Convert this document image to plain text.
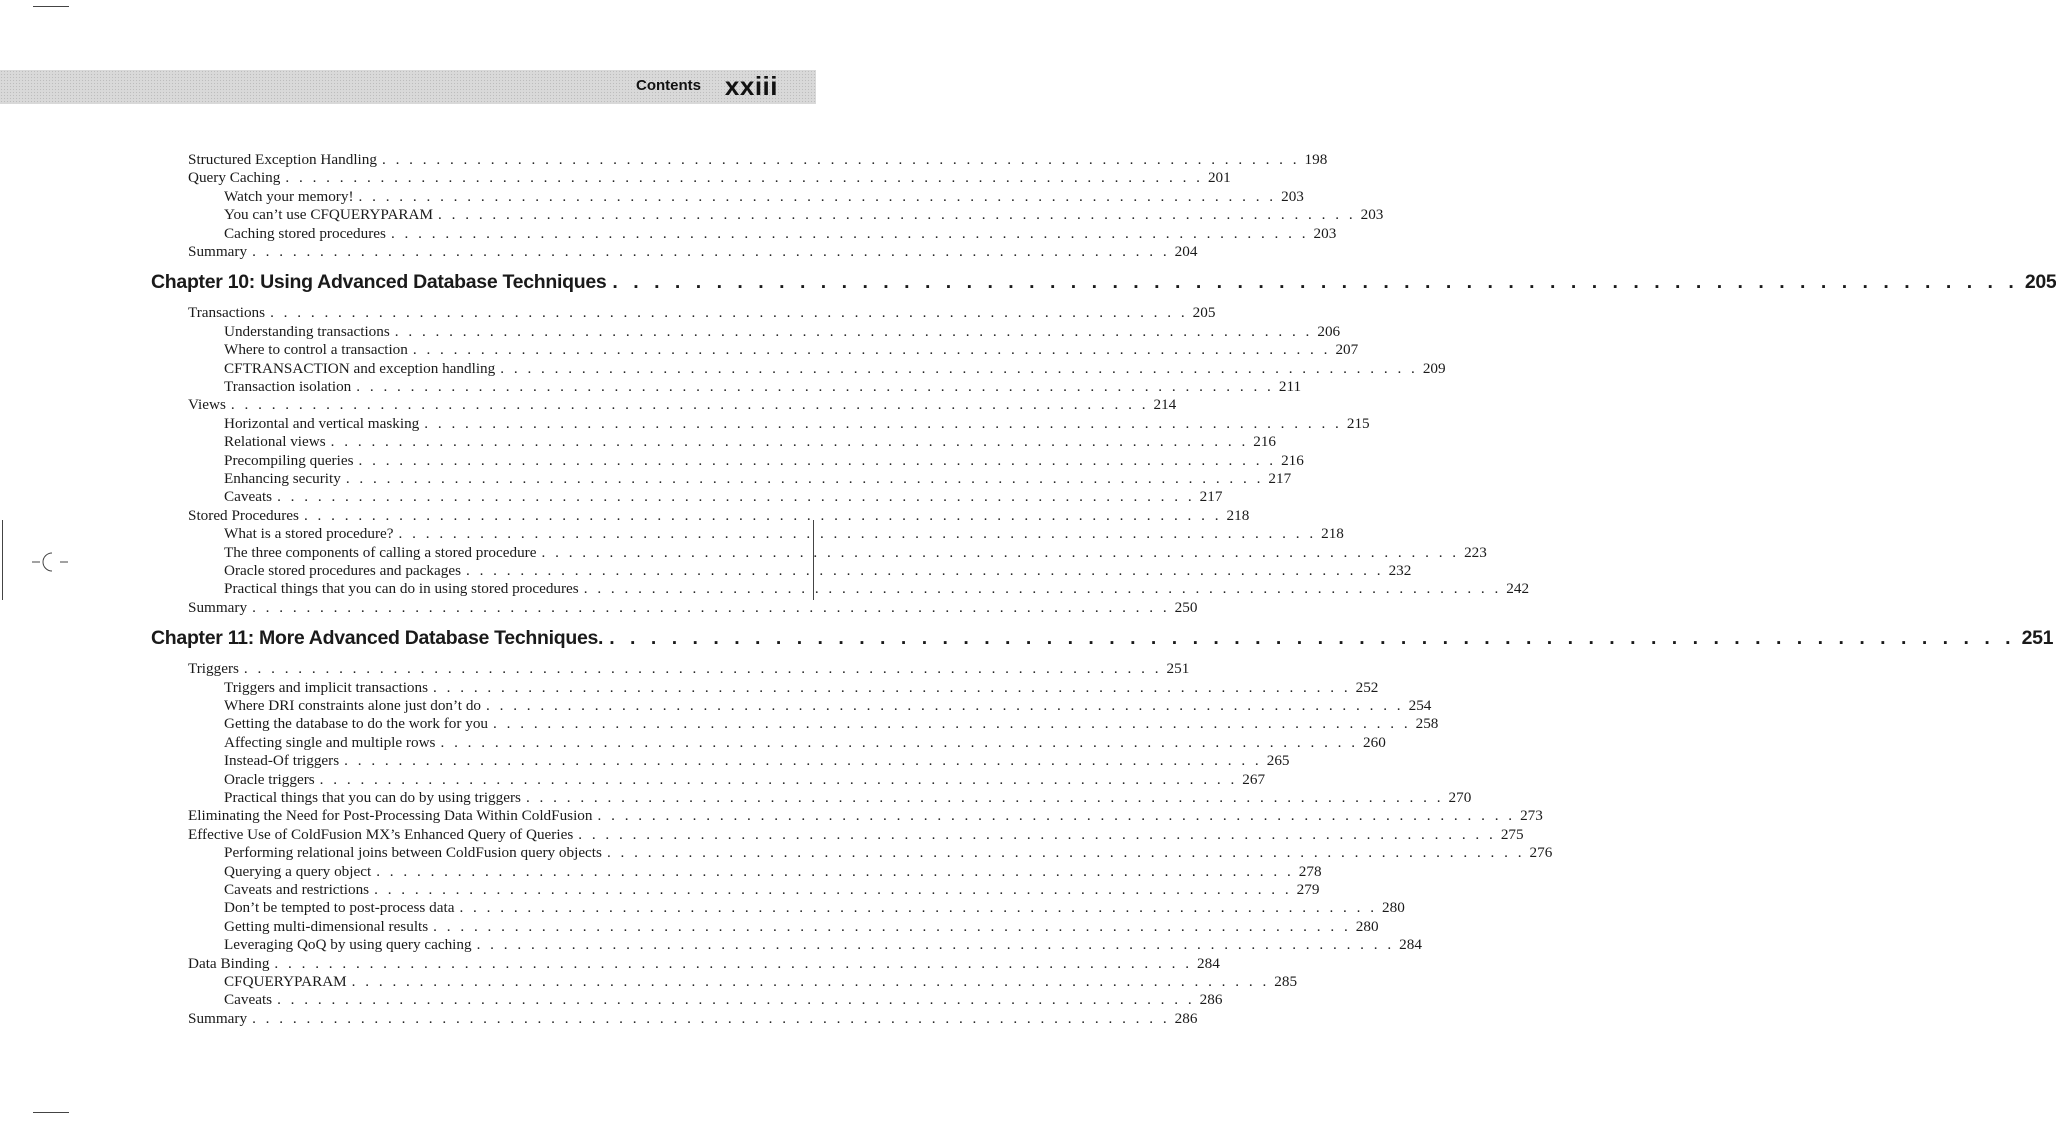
Contents xxiii
Structured Exception Handling . . . . . . . . . . . . . . . . . . . . . . . . . . . . . . . . . . . . . . . . . . . . . . . . . . . . . . . . . . . . . . . . . . . . 198
Query Caching . . . . . . . . . . . . . . . . . . . . . . . . . . . . . . . . . . . . . . . . . . . . . . . . . . . . . . . . . . . . . . . . . . . . 201
Watch your memory! . . . . . . . . . . . . . . . . . . . . . . . . . . . . . . . . . . . . . . . . . . . . . . . . . . . . . . . . . . . . . . . . . . . . 203
You can’t use CFQUERYPARAM . . . . . . . . . . . . . . . . . . . . . . . . . . . . . . . . . . . . . . . . . . . . . . . . . . . . . . . . . . . . . . . . . . . . 203
Caching stored procedures . . . . . . . . . . . . . . . . . . . . . . . . . . . . . . . . . . . . . . . . . . . . . . . . . . . . . . . . . . . . . . . . . . . . 203
Summary . . . . . . . . . . . . . . . . . . . . . . . . . . . . . . . . . . . . . . . . . . . . . . . . . . . . . . . . . . . . . . . . . . . . 204
Chapter 10: Using Advanced Database Techniques . . . . . . . . . . . . . . . . . . . . . . . . . . . . . . . . . . . . . . . . . . . . . . . . . . . . . . . . . . . . . . . . . . . . 205
Transactions . . . . . . . . . . . . . . . . . . . . . . . . . . . . . . . . . . . . . . . . . . . . . . . . . . . . . . . . . . . . . . . . . . . . 205
Understanding transactions . . . . . . . . . . . . . . . . . . . . . . . . . . . . . . . . . . . . . . . . . . . . . . . . . . . . . . . . . . . . . . . . . . . . 206
Where to control a transaction . . . . . . . . . . . . . . . . . . . . . . . . . . . . . . . . . . . . . . . . . . . . . . . . . . . . . . . . . . . . . . . . . . . . 207
CFTRANSACTION and exception handling . . . . . . . . . . . . . . . . . . . . . . . . . . . . . . . . . . . . . . . . . . . . . . . . . . . . . . . . . . . . . . . . . . . . 209
Transaction isolation . . . . . . . . . . . . . . . . . . . . . . . . . . . . . . . . . . . . . . . . . . . . . . . . . . . . . . . . . . . . . . . . . . . . 211
Views . . . . . . . . . . . . . . . . . . . . . . . . . . . . . . . . . . . . . . . . . . . . . . . . . . . . . . . . . . . . . . . . . . . . 214
Horizontal and vertical masking . . . . . . . . . . . . . . . . . . . . . . . . . . . . . . . . . . . . . . . . . . . . . . . . . . . . . . . . . . . . . . . . . . . . 215
Relational views . . . . . . . . . . . . . . . . . . . . . . . . . . . . . . . . . . . . . . . . . . . . . . . . . . . . . . . . . . . . . . . . . . . . 216
Precompiling queries . . . . . . . . . . . . . . . . . . . . . . . . . . . . . . . . . . . . . . . . . . . . . . . . . . . . . . . . . . . . . . . . . . . . 216
Enhancing security . . . . . . . . . . . . . . . . . . . . . . . . . . . . . . . . . . . . . . . . . . . . . . . . . . . . . . . . . . . . . . . . . . . . 217
Caveats . . . . . . . . . . . . . . . . . . . . . . . . . . . . . . . . . . . . . . . . . . . . . . . . . . . . . . . . . . . . . . . . . . . . 217
Stored Procedures . . . . . . . . . . . . . . . . . . . . . . . . . . . . . . . . . . . . . . . . . . . . . . . . . . . . . . . . . . . . . . . . . . . . 218
What is a stored procedure? . . . . . . . . . . . . . . . . . . . . . . . . . . . . . . . . . . . . . . . . . . . . . . . . . . . . . . . . . . . . . . . . . . . . 218
The three components of calling a stored procedure . . . . . . . . . . . . . . . . . . . . . . . . . . . . . . . . . . . . . . . . . . . . . . . . . . . . . . . . . . . . . . . . . . . . 223
Oracle stored procedures and packages . . . . . . . . . . . . . . . . . . . . . . . . . . . . . . . . . . . . . . . . . . . . . . . . . . . . . . . . . . . . . . . . . . . . 232
Practical things that you can do in using stored procedures . . . . . . . . . . . . . . . . . . . . . . . . . . . . . . . . . . . . . . . . . . . . . . . . . . . . . . . . . . . . . . . . . . . . 242
Summary . . . . . . . . . . . . . . . . . . . . . . . . . . . . . . . . . . . . . . . . . . . . . . . . . . . . . . . . . . . . . . . . . . . . 250
Chapter 11: More Advanced Database Techniques. . . . . . . . . . . . . . . . . . . . . . . . . . . . . . . . . . . . . . . . . . . . . . . . . . . . . . . . . . . . . . . . . . . . . 251
Triggers . . . . . . . . . . . . . . . . . . . . . . . . . . . . . . . . . . . . . . . . . . . . . . . . . . . . . . . . . . . . . . . . . . . . 251
Triggers and implicit transactions . . . . . . . . . . . . . . . . . . . . . . . . . . . . . . . . . . . . . . . . . . . . . . . . . . . . . . . . . . . . . . . . . . . . 252
Where DRI constraints alone just don’t do . . . . . . . . . . . . . . . . . . . . . . . . . . . . . . . . . . . . . . . . . . . . . . . . . . . . . . . . . . . . . . . . . . . . 254
Getting the database to do the work for you . . . . . . . . . . . . . . . . . . . . . . . . . . . . . . . . . . . . . . . . . . . . . . . . . . . . . . . . . . . . . . . . . . . . 258
Affecting single and multiple rows . . . . . . . . . . . . . . . . . . . . . . . . . . . . . . . . . . . . . . . . . . . . . . . . . . . . . . . . . . . . . . . . . . . . 260
Instead-Of triggers . . . . . . . . . . . . . . . . . . . . . . . . . . . . . . . . . . . . . . . . . . . . . . . . . . . . . . . . . . . . . . . . . . . . 265
Oracle triggers . . . . . . . . . . . . . . . . . . . . . . . . . . . . . . . . . . . . . . . . . . . . . . . . . . . . . . . . . . . . . . . . . . . . 267
Practical things that you can do by using triggers . . . . . . . . . . . . . . . . . . . . . . . . . . . . . . . . . . . . . . . . . . . . . . . . . . . . . . . . . . . . . . . . . . . . 270
Eliminating the Need for Post-Processing Data Within ColdFusion . . . . . . . . . . . . . . . . . . . . . . . . . . . . . . . . . . . . . . . . . . . . . . . . . . . . . . . . . . . . . . . . . . . . 273
Effective Use of ColdFusion MX’s Enhanced Query of Queries . . . . . . . . . . . . . . . . . . . . . . . . . . . . . . . . . . . . . . . . . . . . . . . . . . . . . . . . . . . . . . . . . . . . 275
Performing relational joins between ColdFusion query objects . . . . . . . . . . . . . . . . . . . . . . . . . . . . . . . . . . . . . . . . . . . . . . . . . . . . . . . . . . . . . . . . . . . . 276
Querying a query object . . . . . . . . . . . . . . . . . . . . . . . . . . . . . . . . . . . . . . . . . . . . . . . . . . . . . . . . . . . . . . . . . . . . 278
Caveats and restrictions . . . . . . . . . . . . . . . . . . . . . . . . . . . . . . . . . . . . . . . . . . . . . . . . . . . . . . . . . . . . . . . . . . . . 279
Don’t be tempted to post-process data . . . . . . . . . . . . . . . . . . . . . . . . . . . . . . . . . . . . . . . . . . . . . . . . . . . . . . . . . . . . . . . . . . . . 280
Getting multi-dimensional results . . . . . . . . . . . . . . . . . . . . . . . . . . . . . . . . . . . . . . . . . . . . . . . . . . . . . . . . . . . . . . . . . . . . 280
Leveraging QoQ by using query caching . . . . . . . . . . . . . . . . . . . . . . . . . . . . . . . . . . . . . . . . . . . . . . . . . . . . . . . . . . . . . . . . . . . . 284
Data Binding . . . . . . . . . . . . . . . . . . . . . . . . . . . . . . . . . . . . . . . . . . . . . . . . . . . . . . . . . . . . . . . . . . . . 284
CFQUERYPARAM . . . . . . . . . . . . . . . . . . . . . . . . . . . . . . . . . . . . . . . . . . . . . . . . . . . . . . . . . . . . . . . . . . . . 285
Caveats . . . . . . . . . . . . . . . . . . . . . . . . . . . . . . . . . . . . . . . . . . . . . . . . . . . . . . . . . . . . . . . . . . . . 286
Summary . . . . . . . . . . . . . . . . . . . . . . . . . . . . . . . . . . . . . . . . . . . . . . . . . . . . . . . . . . . . . . . . . . . . 286
